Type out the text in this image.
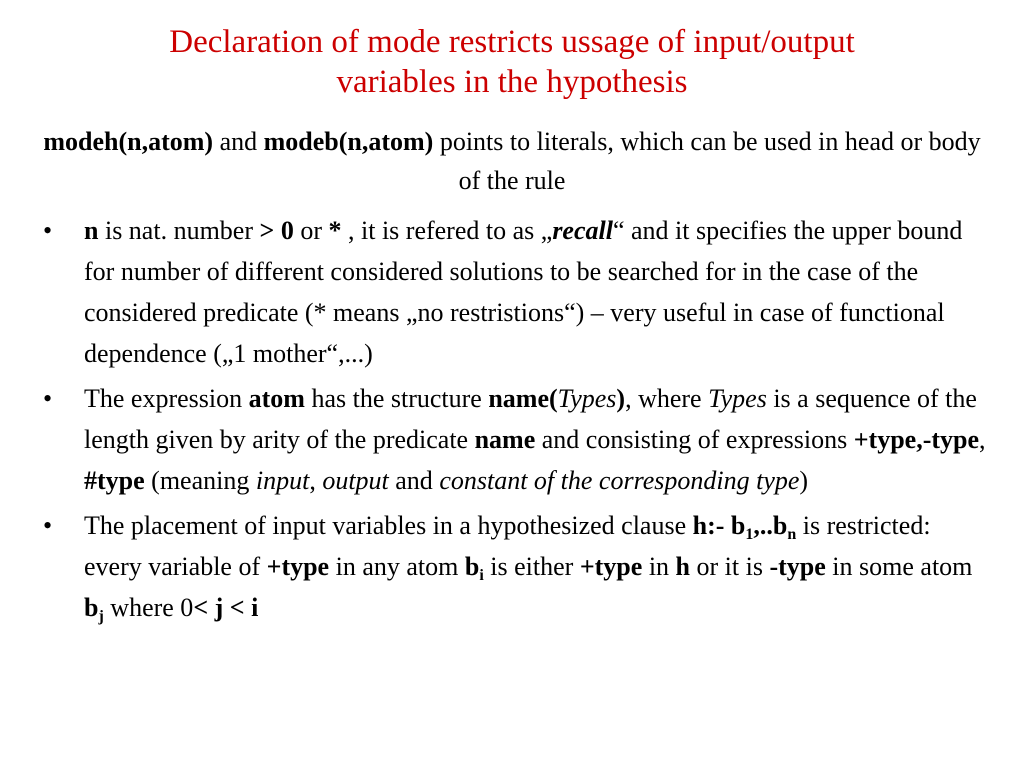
Declaration of mode restricts ussage of input/output
variables in the hypothesis
modeh(n,atom) and modeb(n,atom) points to literals, which can be used in head or body of the rule
• n is nat. number > 0 or * , it is refered to as „recall“ and it specifies the upper bound for number of different considered solutions to be searched for in the case of the considered predicate (* means „no restristions“) – very useful in case of functional dependence („1 mother“,...)
• The expression atom has the structure name(Types), where Types is a sequence of the length given by arity of the predicate name and consisting of expressions +type,-type, #type (meaning input, output and constant of the corresponding type)
• The placement of input variables in a hypothesized clause h:- $b_1,..b_n$ is restricted: every variable of +type in any atom $b_i$ is either +type in h or it is -type in some atom $b_j$ where 0< j < i
